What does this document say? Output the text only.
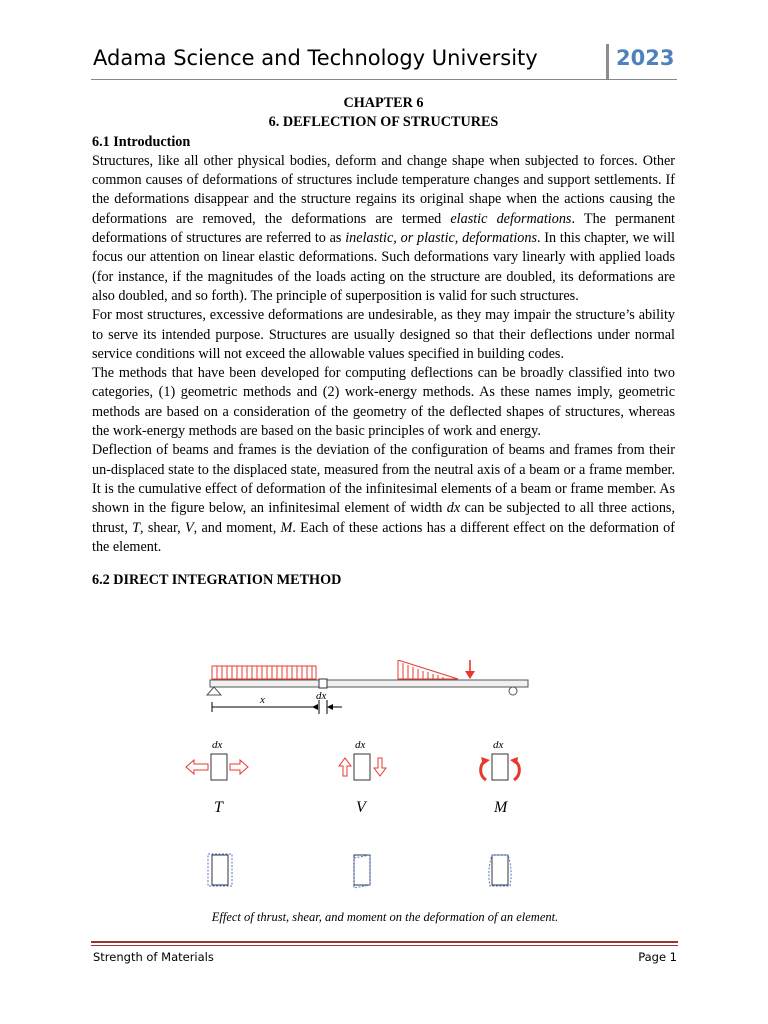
Adama Science and Technology University	2023
CHAPTER 6
6. DEFLECTION OF STRUCTURES
6.1 Introduction

Structures, like all other physical bodies, deform and change shape when subjected to forces. Other common causes of deformations of structures include temperature changes and support settlements. If the deformations disappear and the structure regains its original shape when the actions causing the deformations are removed, the deformations are termed elastic deformations. The permanent deformations of structures are referred to as inelastic, or plastic, deformations. In this chapter, we will focus our attention on linear elastic deformations. Such deformations vary linearly with applied loads (for instance, if the magnitudes of the loads acting on the structure are doubled, its deformations are also doubled, and so forth). The principle of superposition is valid for such structures.

For most structures, excessive deformations are undesirable, as they may impair the structure’s ability to serve its intended purpose. Structures are usually designed so that their deflections under normal service conditions will not exceed the allowable values specified in building codes.

The methods that have been developed for computing deflections can be broadly classified into two categories, (1) geometric methods and (2) work-energy methods. As these names imply, geometric methods are based on a consideration of the geometry of the deflected shapes of structures, whereas the work-energy methods are based on the basic principles of work and energy.

Deflection of beams and frames is the deviation of the configuration of beams and frames from their un-displaced state to the displaced state, measured from the neutral axis of a beam or a frame member. It is the cumulative effect of deformation of the infinitesimal elements of a beam or frame member. As shown in the figure below, an infinitesimal element of width dx can be subjected to all three actions, thrust, T, shear, V, and moment, M. Each of these actions has a different effect on the deformation of the element.

6.2 DIRECT INTEGRATION METHOD
x	dx
dx
T
dx
V
dx
M
Effect of thrust, shear, and moment on the deformation of an element.
Strength of Materials	Page 1
